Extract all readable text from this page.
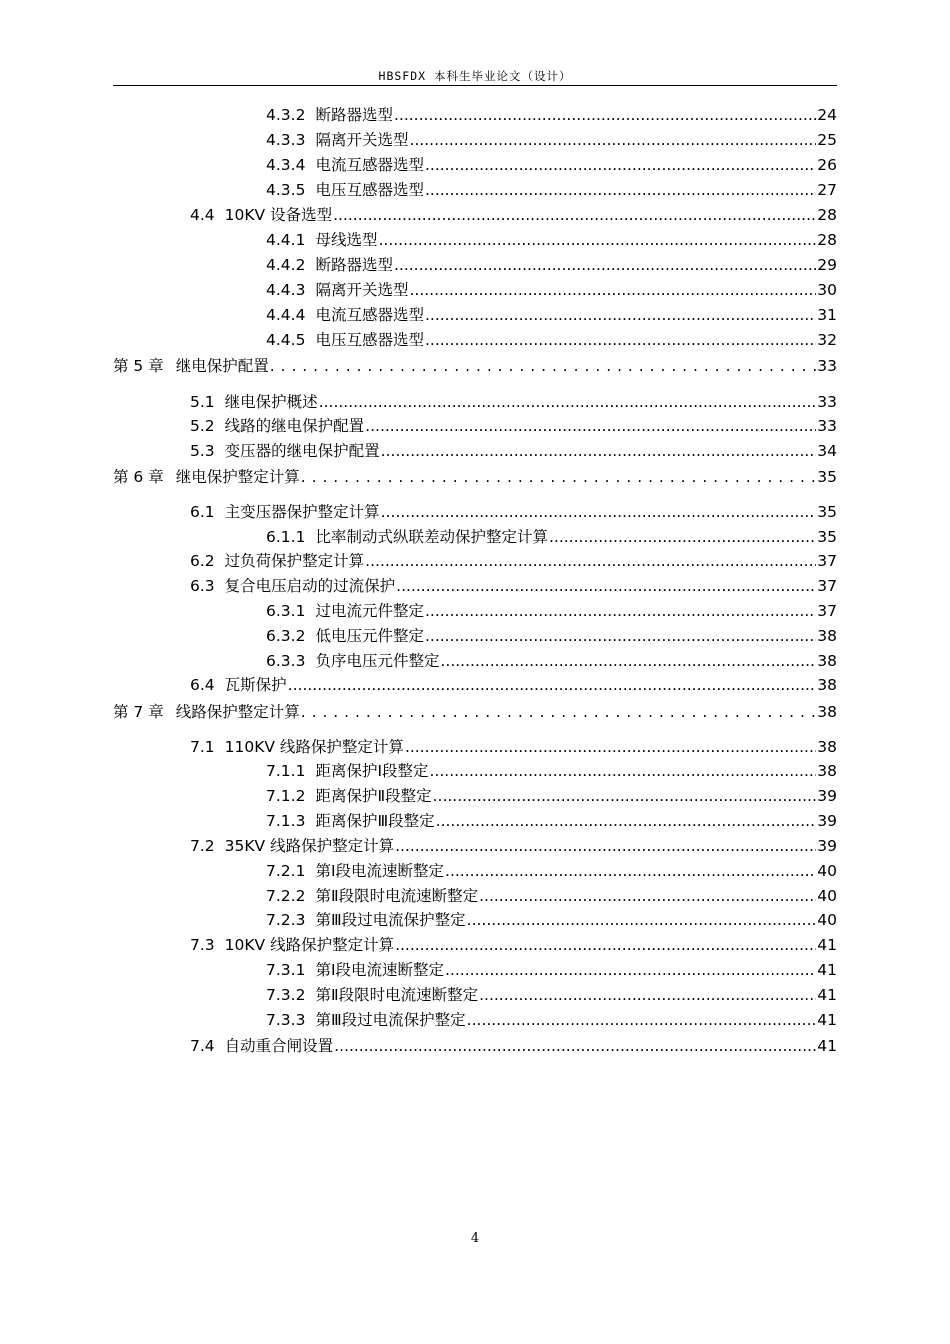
HBSFDX 本科生毕业论文（设计）
4.3.2 断路器选型 .....	24
4.3.3 隔离开关选型 .....	25
4.3.4 电流互感器选型 .....	26
4.3.5 电压互感器选型 .....	27
4.4 10KV 设备选型 .....	28
4.4.1 母线选型 .....	28
4.4.2 断路器选型 .....	29
4.4.3 隔离开关选型 .....	30
4.4.4 电流互感器选型 .....	31
4.4.5 电压互感器选型 .....	32
第 5 章 继电保护配置 . . .	33
5.1 继电保护概述 .....	33
5.2 线路的继电保护配置 .....	33
5.3 变压器的继电保护配置 .....	34
第 6 章 继电保护整定计算 . . .	35
6.1 主变压器保护整定计算 .....	35
6.1.1 比率制动式纵联差动保护整定计算 .....	35
6.2 过负荷保护整定计算 .....	37
6.3 复合电压启动的过流保护 .....	37
6.3.1 过电流元件整定 .....	37
6.3.2 低电压元件整定 .....	38
6.3.3 负序电压元件整定 .....	38
6.4 瓦斯保护 .....	38
第 7 章 线路保护整定计算 . . .	38
7.1 110KV 线路保护整定计算 .....	38
7.1.1 距离保护Ⅰ段整定 .....	38
7.1.2 距离保护Ⅱ段整定 .....	39
7.1.3 距离保护Ⅲ段整定 .....	39
7.2 35KV 线路保护整定计算 .....	39
7.2.1 第Ⅰ段电流速断整定 .....	40
7.2.2 第Ⅱ段限时电流速断整定 .....	40
7.2.3 第Ⅲ段过电流保护整定 .....	40
7.3 10KV 线路保护整定计算 .....	41
7.3.1 第Ⅰ段电流速断整定 .....	41
7.3.2 第Ⅱ段限时电流速断整定 .....	41
7.3.3 第Ⅲ段过电流保护整定 .....	41
7.4 自动重合闸设置 .....	41
4
